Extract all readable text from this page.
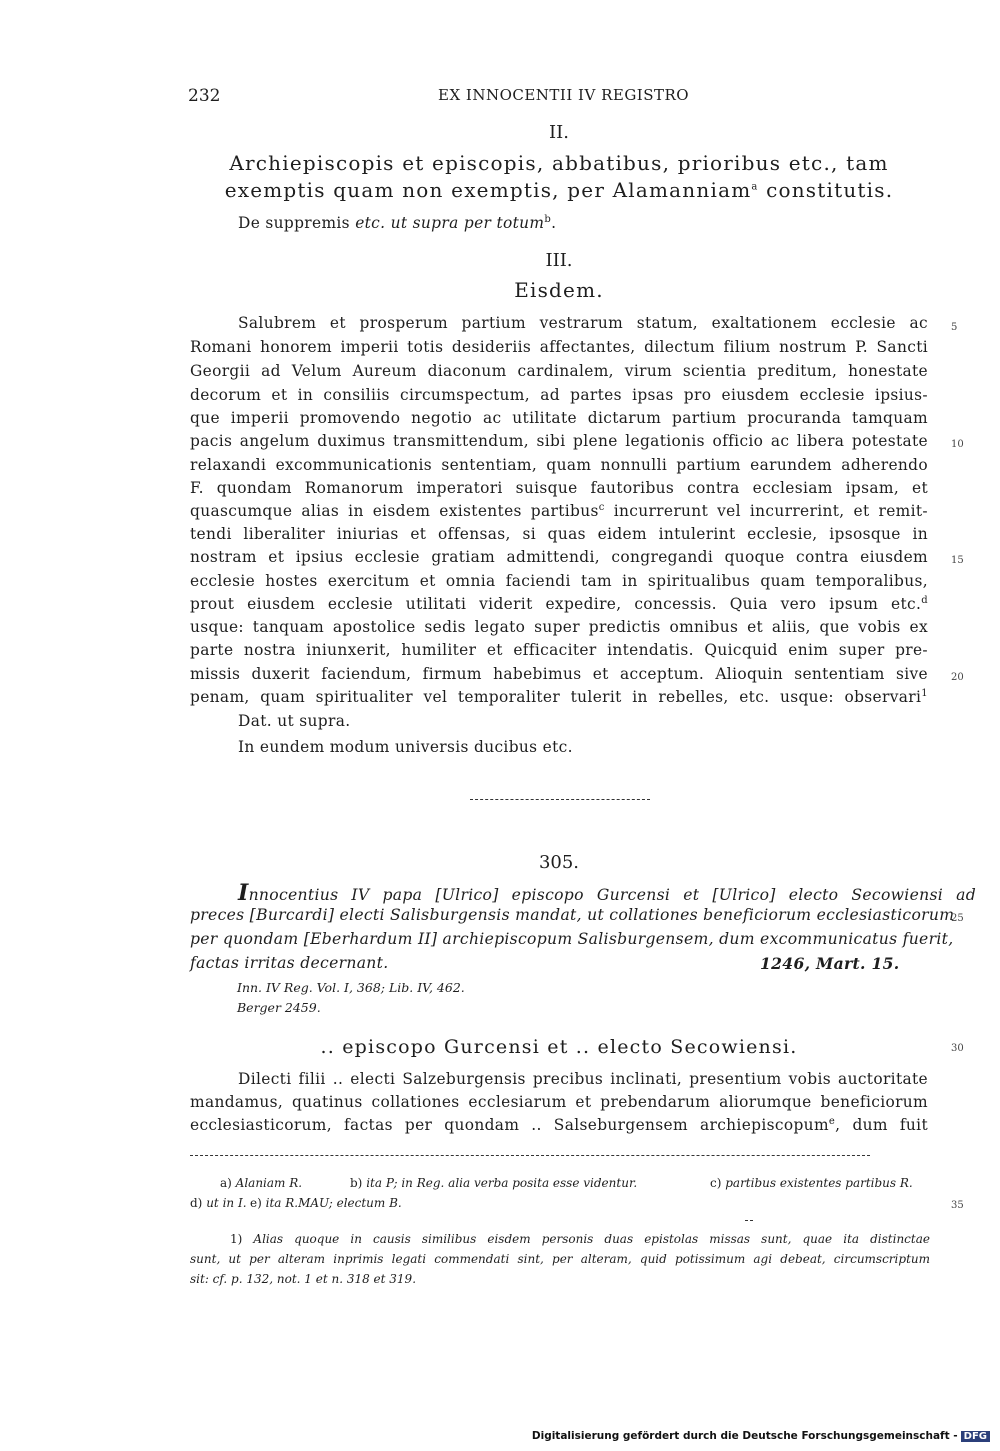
232	EX INNOCENTII IV REGISTRO
II.
Archiepiscopis et episcopis, abbatibus, prioribus etc., tam
exemptis quam non exemptis, per Alamanniam$^a$ constitutis.
De suppremis etc. ut supra per totum$^b$.
III.
Eisdem.
Salubrem et prosperum partium vestrarum statum, exaltationem ecclesie ac
Romani honorem imperii totis desideriis affectantes, dilectum filium nostrum P. Sancti
Georgii ad Velum Aureum diaconum cardinalem, virum scientia preditum, honestate
decorum et in consiliis circumspectum, ad partes ipsas pro eiusdem ecclesie ipsius-
que imperii promovendo negotio ac utilitate dictarum partium procuranda tamquam
pacis angelum duximus transmittendum, sibi plene legationis officio ac libera potestate
relaxandi excommunicationis sententiam, quam nonnulli partium earundem adherendo
F. quondam Romanorum imperatori suisque fautoribus contra ecclesiam ipsam, et
quascumque alias in eisdem existentes partibus$^c$ incurrerunt vel incurrerint, et remit-
tendi liberaliter iniurias et offensas, si quas eidem intulerint ecclesie, ipsosque in
nostram et ipsius ecclesie gratiam admittendi, congregandi quoque contra eiusdem
ecclesie hostes exercitum et omnia faciendi tam in spiritualibus quam temporalibus,
prout eiusdem ecclesie utilitati viderit expedire, concessis. Quia vero ipsum etc.$^d$
usque: tanquam apostolice sedis legato super predictis omnibus et aliis, que vobis ex
parte nostra iniunxerit, humiliter et efficaciter intendatis. Quicquid enim super pre-
missis duxerit faciendum, firmum habebimus et acceptum. Alioquin sententiam sive
penam, quam spiritualiter vel temporaliter tulerit in rebelles, etc. usque: observari$^1$
Dat. ut supra.
In eundem modum universis ducibus etc.
5
10
15
20
305.
Innocentius IV papa [Ulrico] episcopo Gurcensi et [Ulrico] electo Secowiensi ad
preces [Burcardi] electi Salisburgensis mandat, ut collationes beneficiorum ecclesiasticorum
per quondam [Eberhardum II] archiepiscopum Salisburgensem, dum excommunicatus fuerit,
factas irritas decernant.	1246, Mart. 15.
Inn. IV Reg. Vol. I, 368; Lib. IV, 462.
Berger 2459.
.. episcopo Gurcensi et .. electo Secowiensi.
Dilecti filii .. electi Salzeburgensis precibus inclinati, presentium vobis auctoritate
mandamus, quatinus collationes ecclesiarum et prebendarum aliorumque beneficiorum
ecclesiasticorum, factas per quondam .. Salseburgensem archiepiscopum$^e$, dum fuit
25
30
a) Alaniam R.	b) ita P; in Reg. alia verba posita esse videntur.	c) partibus existentes partibus R.
d) ut in I. e) ita R.MAU; electum B.	35
1) Alias quoque in causis similibus eisdem personis duas epistolas missas sunt, quae ita distinctae
sunt, ut per alteram inprimis legati commendati sint, per alteram, quid potissimum agi debeat, circumscriptum
sit: cf. p. 132, not. 1 et n. 318 et 319.
Digitalisierung gefördert durch die Deutsche Forschungsgemeinschaft - DFG
